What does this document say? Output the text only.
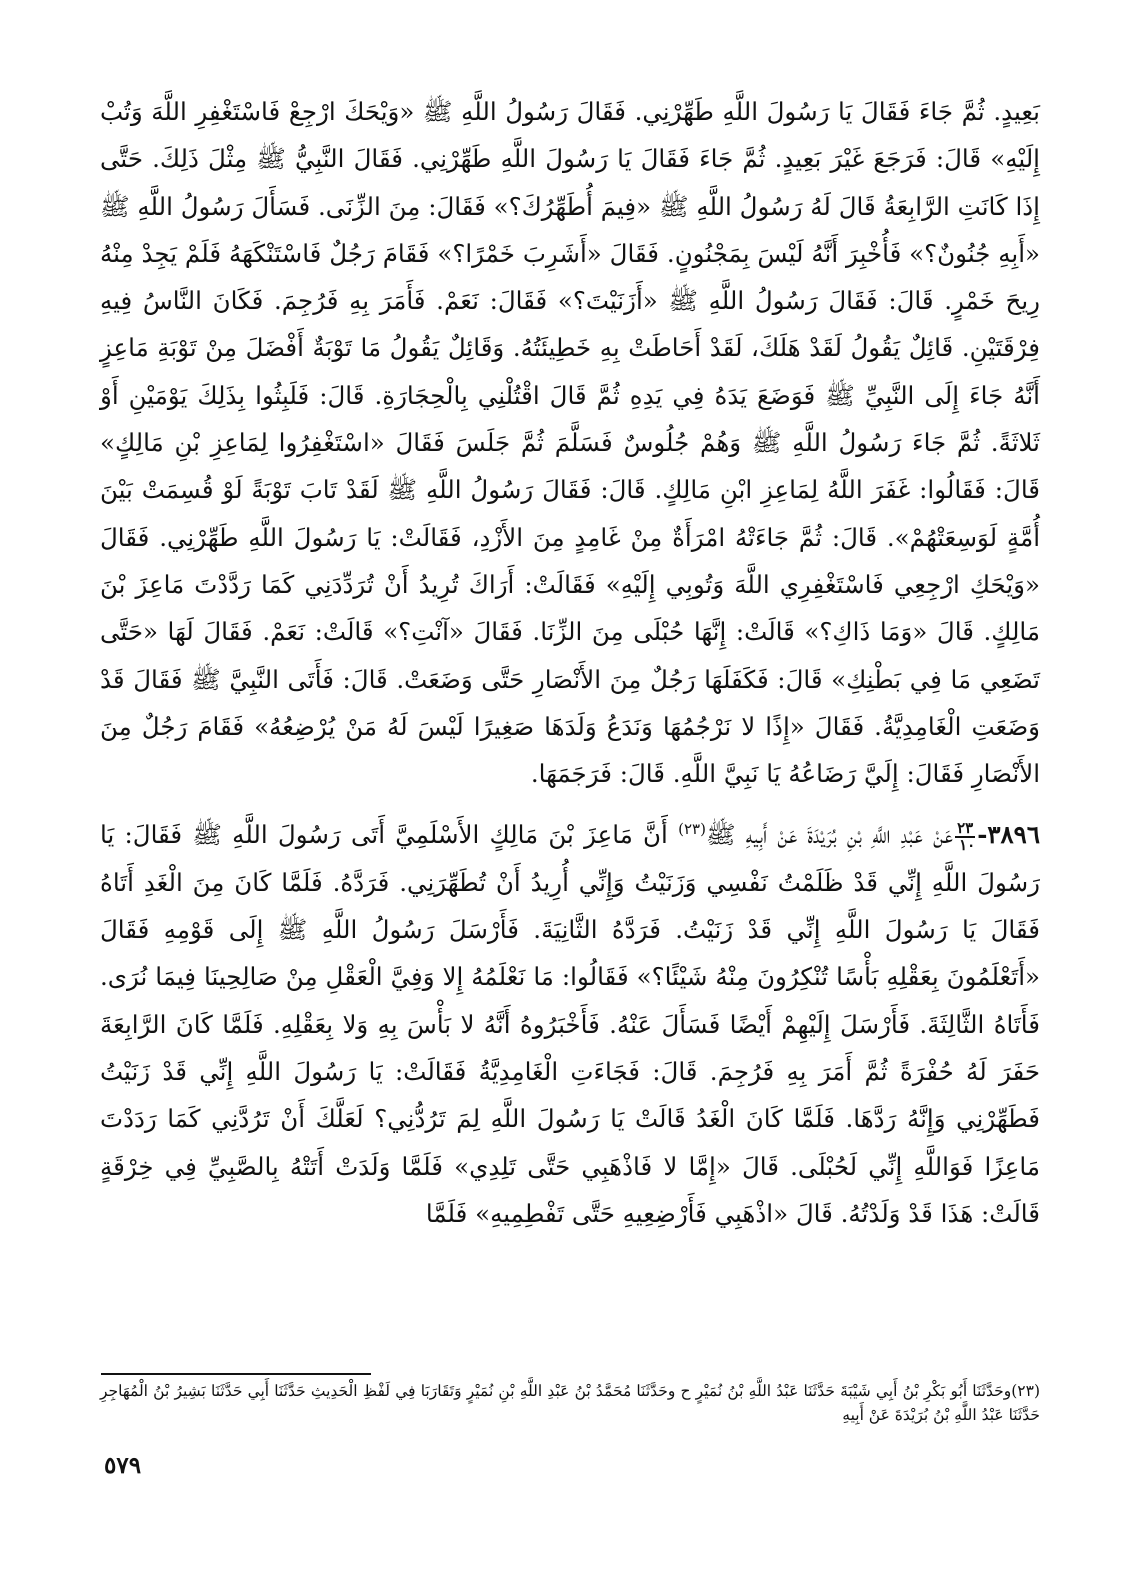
بَعِيدٍ. ثُمَّ جَاءَ فَقَالَ يَا رَسُولَ اللَّهِ طَهِّرْنِي. فَقَالَ رَسُولُ اللَّهِ ﷺ «وَيْحَكَ ارْجِعْ فَاسْتَغْفِرِ اللَّهَ وَتُبْ إِلَيْهِ» قَالَ: فَرَجَعَ غَيْرَ بَعِيدٍ. ثُمَّ جَاءَ فَقَالَ يَا رَسُولَ اللَّهِ طَهِّرْنِي. فَقَالَ النَّبِيُّ ﷺ مِثْلَ ذَلِكَ. حَتَّى إِذَا كَانَتِ الرَّابِعَةُ قَالَ لَهُ رَسُولُ اللَّهِ ﷺ «فِيمَ أُطَهِّرُكَ؟» فَقَالَ: مِنَ الزِّنَى. فَسَأَلَ رَسُولُ اللَّهِ ﷺ «أَبِهِ جُنُونٌ؟» فَأُخْبِرَ أَنَّهُ لَيْسَ بِمَجْنُونٍ. فَقَالَ «أَشَرِبَ خَمْرًا؟» فَقَامَ رَجُلٌ فَاسْتَنْكَهَهُ فَلَمْ يَجِدْ مِنْهُ رِيحَ خَمْرٍ. قَالَ: فَقَالَ رَسُولُ اللَّهِ ﷺ «أَزَنَيْتَ؟» فَقَالَ: نَعَمْ. فَأَمَرَ بِهِ فَرُجِمَ. فَكَانَ النَّاسُ فِيهِ فِرْقَتَيْنِ. قَائِلٌ يَقُولُ لَقَدْ هَلَكَ، لَقَدْ أَحَاطَتْ بِهِ خَطِيئَتُهُ. وَقَائِلٌ يَقُولُ مَا تَوْبَةٌ أَفْضَلَ مِنْ تَوْبَةِ مَاعِزٍ أَنَّهُ جَاءَ إِلَى النَّبِيِّ ﷺ فَوَضَعَ يَدَهُ فِي يَدِهِ ثُمَّ قَالَ اقْتُلْنِي بِالْحِجَارَةِ. قَالَ: فَلَبِثُوا بِذَلِكَ يَوْمَيْنِ أَوْ ثَلاثَةً. ثُمَّ جَاءَ رَسُولُ اللَّهِ ﷺ وَهُمْ جُلُوسٌ فَسَلَّمَ ثُمَّ جَلَسَ فَقَالَ «اسْتَغْفِرُوا لِمَاعِزِ بْنِ مَالِكٍ» قَالَ: فَقَالُوا: غَفَرَ اللَّهُ لِمَاعِزِ ابْنِ مَالِكٍ. قَالَ: فَقَالَ رَسُولُ اللَّهِ ﷺ لَقَدْ تَابَ تَوْبَةً لَوْ قُسِمَتْ بَيْنَ أُمَّةٍ لَوَسِعَتْهُمْ». قَالَ: ثُمَّ جَاءَتْهُ امْرَأَةٌ مِنْ غَامِدٍ مِنَ الأَزْدِ، فَقَالَتْ: يَا رَسُولَ اللَّهِ طَهِّرْنِي. فَقَالَ «وَيْحَكِ ارْجِعِي فَاسْتَغْفِرِي اللَّهَ وَتُوبِي إِلَيْهِ» فَقَالَتْ: أَرَاكَ تُرِيدُ أَنْ تُرَدِّدَنِي كَمَا رَدَّدْتَ مَاعِزَ بْنَ مَالِكٍ. قَالَ «وَمَا ذَاكِ؟» قَالَتْ: إِنَّهَا حُبْلَى مِنَ الزِّنَا. فَقَالَ «آنْتِ؟» قَالَتْ: نَعَمْ. فَقَالَ لَهَا «حَتَّى تَضَعِي مَا فِي بَطْنِكِ» قَالَ: فَكَفَلَهَا رَجُلٌ مِنَ الأَنْصَارِ حَتَّى وَضَعَتْ. قَالَ: فَأَتَى النَّبِيَّ ﷺ فَقَالَ قَدْ وَضَعَتِ الْغَامِدِيَّةُ. فَقَالَ «إِذًا لا نَرْجُمُهَا وَنَدَعُ وَلَدَهَا صَغِيرًا لَيْسَ لَهُ مَنْ يُرْضِعُهُ» فَقَامَ رَجُلٌ مِنَ الأَنْصَارِ فَقَالَ: إِلَيَّ رَضَاعُهُ يَا نَبِيَّ اللَّهِ. قَالَ: فَرَجَمَهَا.

٣٨٩٦-
$\frac{٢٣}{١٠}$
عَنْ عَبْدِ اللَّهِ بْنِ بُرَيْدَةَ عَنْ أَبِيهِ ﷺ$^{(٢٣)}$ أَنَّ مَاعِزَ بْنَ مَالِكٍ الأَسْلَمِيَّ أَتَى رَسُولَ اللَّهِ ﷺ فَقَالَ: يَا رَسُولَ اللَّهِ إِنِّي قَدْ ظَلَمْتُ نَفْسِي وَزَنَيْتُ وَإِنِّي أُرِيدُ أَنْ تُطَهِّرَنِي. فَرَدَّهُ. فَلَمَّا كَانَ مِنَ الْغَدِ أَتَاهُ فَقَالَ يَا رَسُولَ اللَّهِ إِنِّي قَدْ زَنَيْتُ. فَرَدَّهُ الثَّانِيَةَ. فَأَرْسَلَ رَسُولُ اللَّهِ ﷺ إِلَى قَوْمِهِ فَقَالَ «أَتَعْلَمُونَ بِعَقْلِهِ بَأْسًا تُنْكِرُونَ مِنْهُ شَيْئًا؟» فَقَالُوا: مَا نَعْلَمُهُ إِلا وَفِيَّ الْعَقْلِ مِنْ صَالِحِينَا فِيمَا نُرَى. فَأَتَاهُ الثَّالِثَةَ. فَأَرْسَلَ إِلَيْهِمْ أَيْضًا فَسَأَلَ عَنْهُ. فَأَخْبَرُوهُ أَنَّهُ لا بَأْسَ بِهِ وَلا بِعَقْلِهِ. فَلَمَّا كَانَ الرَّابِعَةَ حَفَرَ لَهُ حُفْرَةً ثُمَّ أَمَرَ بِهِ فَرُجِمَ. قَالَ: فَجَاءَتِ الْغَامِدِيَّةُ فَقَالَتْ: يَا رَسُولَ اللَّهِ إِنِّي قَدْ زَنَيْتُ فَطَهِّرْنِي وَإِنَّهُ رَدَّهَا. فَلَمَّا كَانَ الْغَدُ قَالَتْ يَا رَسُولَ اللَّهِ لِمَ تَرُدُّنِي؟ لَعَلَّكَ أَنْ تَرُدَّنِي كَمَا رَدَدْتَ مَاعِزًا فَوَاللَّهِ إِنِّي لَحُبْلَى. قَالَ «إِمَّا لا فَاذْهَبِي حَتَّى تَلِدِي» فَلَمَّا وَلَدَتْ أَتَتْهُ بِالصَّبِيِّ فِي خِرْقَةٍ قَالَتْ: هَذَا قَدْ وَلَدْتُهُ. قَالَ «اذْهَبِي فَأَرْضِعِيهِ حَتَّى تَفْطِمِيهِ» فَلَمَّا

(٢٣)وحَدَّثَنَا أَبُو بَكْرِ بْنُ أَبِي شَيْبَةَ حَدَّثَنَا عَبْدُ اللَّهِ بْنُ نُمَيْرٍ ح وحَدَّثَنَا مُحَمَّدُ بْنُ عَبْدِ اللَّهِ بْنِ نُمَيْرٍ وَتَقَارَبَا فِي لَفْظِ الْحَدِيثِ حَدَّثَنَا أَبِي حَدَّثَنَا بَشِيرُ بْنُ الْمُهَاجِرِ حَدَّثَنَا عَبْدُ اللَّهِ بْنُ بُرَيْدَةَ عَنْ أَبِيهِ

٥٧٩
